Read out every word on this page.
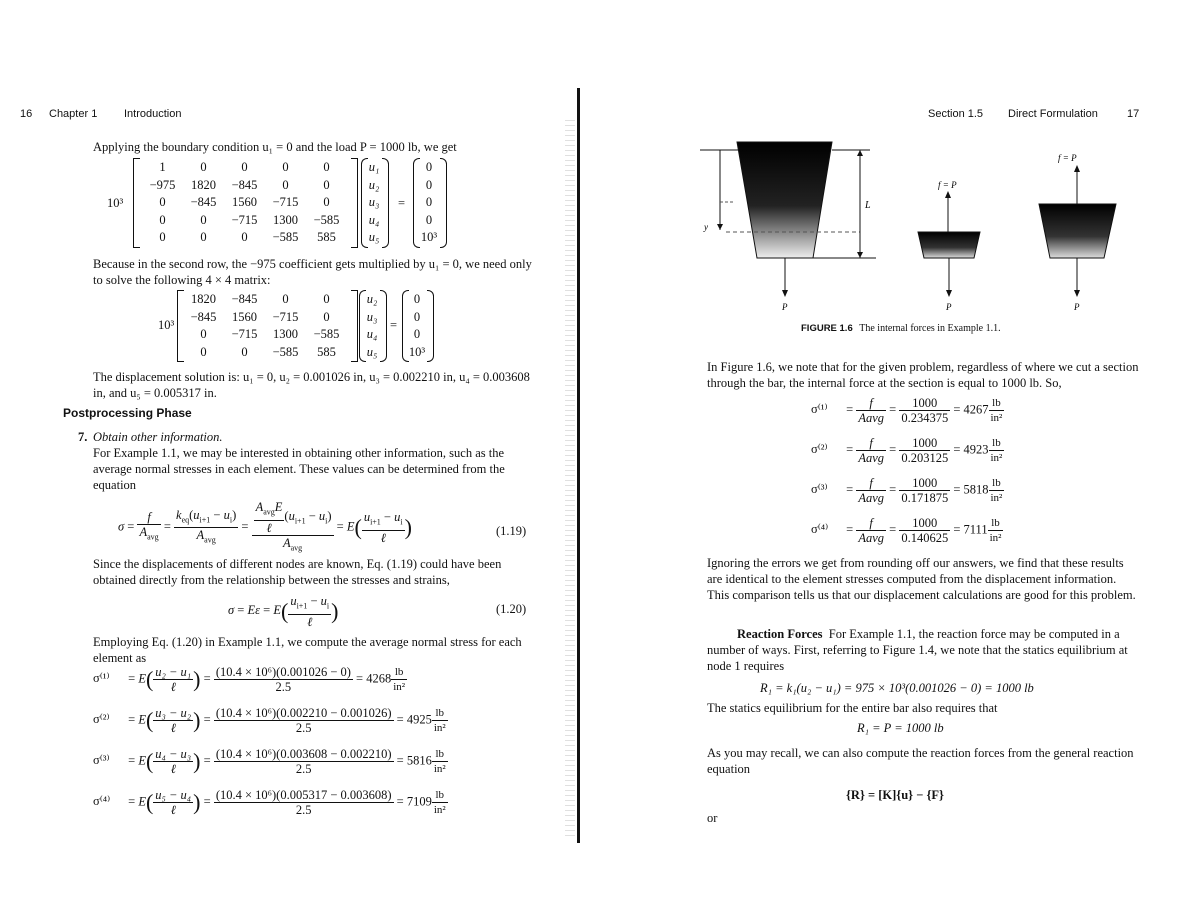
16 Chapter 1 Introduction
Applying the boundary condition u₁ = 0 and the load P = 1000 lb, we get
10³
1	0	0	0	0
−975	1820	−845	0	0
0	−845	1560	−715	0
0	0	−715	1300	−585
0	0	0	−585	585
u₁
u₂
u₃
u₄
u₅
=
0
0
0
0
10³
Because in the second row, the −975 coefficient gets multiplied by u₁ = 0, we need only to solve the following 4 × 4 matrix:
10³
1820	−845	0	0
−845	1560	−715	0
0	−715	1300	−585
0	0	−585	585
u₂
u₃
u₄
u₅
=
0
0
0
10³
The displacement solution is: u₁ = 0, u₂ = 0.001026 in, u₃ = 0.002210 in, u₄ = 0.003608 in, and u₅ = 0.005317 in.
Postprocessing Phase
7. Obtain other information.
For Example 1.1, we may be interested in obtaining other information, such as the average normal stresses in each element. These values can be determined from the equation
$\sigma = \frac{f}{A_{avg}} = \frac{k_{eq}(u_{i+1} - u_i)}{A_{avg}} = \frac{\frac{A_{avg}E}{\text{ℓ}} (u_{i+1} - u_i)}{A_{avg}} = E( \frac{u_{i+1} - u_i}{\text{ℓ}}$ )	(1.19)
Since the displacements of different nodes are known, Eq. (1.19) could have been obtained directly from the relationship between the stresses and strains,
$\sigma = E\varepsilon = E( \frac{u_{i+1} - u_i}{\text{ℓ}}$ )	(1.20)
Employing Eq. (1.20) in Example 1.1, we compute the average normal stress for each element as
$\sigma^{(1)} = E( \frac{\text{u₂ − u₁}}{\text{ℓ}}$ ) = $\frac{\text{(10.4 × 10⁶)(0.001026 − 0)}}{2.5} = 4268 \frac{lb}{\text{in²}}$
$\sigma^{(2)} = E( \frac{\text{u₃ − u₂}}{\text{ℓ}}$ ) = $\frac{\text{(10.4 × 10⁶)(0.002210 − 0.001026)}}{2.5} = 4925 \frac{lb}{\text{in²}}$
$\sigma^{(3)} = E( \frac{\text{u₄ − u₃}}{\text{ℓ}}$ ) = $\frac{\text{(10.4 × 10⁶)(0.003608 − 0.002210)}}{2.5} = 5816 \frac{lb}{\text{in²}}$
$\sigma^{(4)} = E( \frac{\text{u₅ − u₄}}{\text{ℓ}}$ ) = $\frac{\text{(10.4 × 10⁶)(0.005317 − 0.003608)}}{2.5} = 7109 \frac{lb}{\text{in²}}$
Section 1.5 Direct Formulation	17
y
L
P
f = P
P
f = P
P
FIGURE 1.6 The internal forces in Example 1.1.
In Figure 1.6, we note that for the given problem, regardless of where we cut a section through the bar, the internal force at the section is equal to 1000 lb. So,
$\sigma^{(1)} = \frac{f}{\text{Aavg}} = \frac{1000}{0.234375} = 4267 \frac{lb}{\text{in²}}$
$\sigma^{(2)} = \frac{f}{\text{Aavg}} = \frac{1000}{0.203125} = 4923 \frac{lb}{\text{in²}}$
$\sigma^{(3)} = \frac{f}{\text{Aavg}} = \frac{1000}{0.171875} = 5818 \frac{lb}{\text{in²}}$
$\sigma^{(4)} = \frac{f}{\text{Aavg}} = \frac{1000}{0.140625} = 7111 \frac{lb}{\text{in²}}$
Ignoring the errors we get from rounding off our answers, we find that these results are identical to the element stresses computed from the displacement information. This comparison tells us that our displacement calculations are good for this problem.
Reaction Forces For Example 1.1, the reaction force may be computed in a number of ways. First, referring to Figure 1.4, we note that the statics equilibrium at node 1 requires
R₁ = k₁(u₂ − u₁) = 975 × 10³(0.001026 − 0) = 1000 lb
The statics equilibrium for the entire bar also requires that
R₁ = P = 1000 lb
As you may recall, we can also compute the reaction forces from the general reaction equation
{R} = [K]{u} − {F}
or
